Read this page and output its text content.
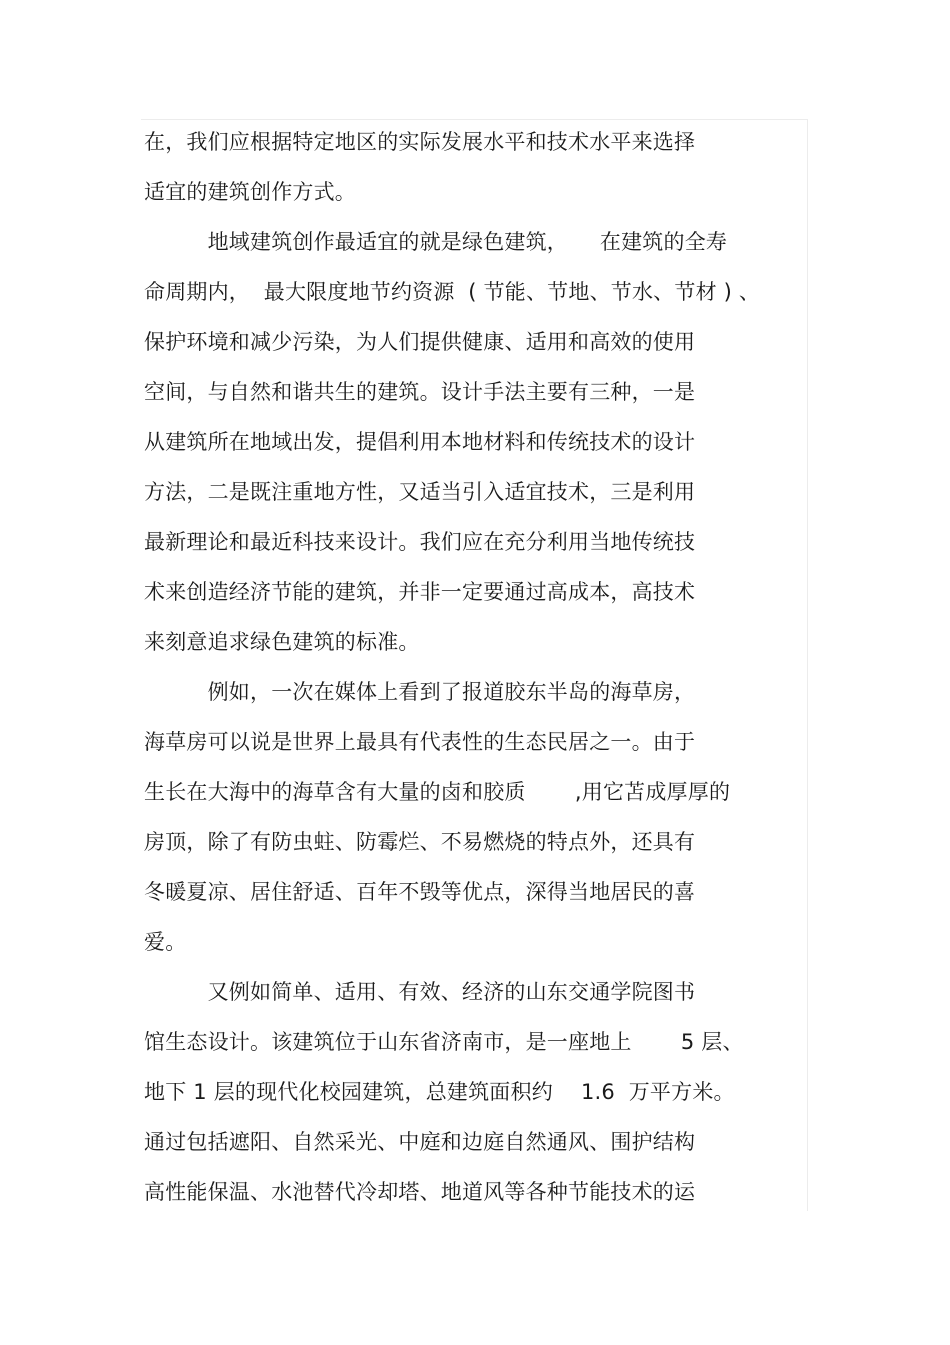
在，我们应根据特定地区的实际发展水平和技术水平来选择
适宜的建筑创作方式。
　　　地域建筑创作最适宜的就是绿色建筑，　　在建筑的全寿
命周期内，  最大限度地节约资源  ( 节能、节地、节水、节材 ) 、
保护环境和减少污染，为人们提供健康、适用和高效的使用
空间，与自然和谐共生的建筑。设计手法主要有三种，一是
从建筑所在地域出发，提倡利用本地材料和传统技术的设计
方法，二是既注重地方性，又适当引入适宜技术，三是利用
最新理论和最近科技来设计。我们应在充分利用当地传统技
术来创造经济节能的建筑，并非一定要通过高成本，高技术
来刻意追求绿色建筑的标准。
　　　例如，一次在媒体上看到了报道胶东半岛的海草房，
海草房可以说是世界上最具有代表性的生态民居之一。由于
生长在大海中的海草含有大量的卤和胶质　　 ,用它苫成厚厚的
房顶，除了有防虫蛀、防霉烂、不易燃烧的特点外，还具有
冬暖夏凉、居住舒适、百年不毁等优点，深得当地居民的喜
爱。
　　　又例如简单、适用、有效、经济的山东交通学院图书
馆生态设计。该建筑位于山东省济南市，是一座地上　　 5 层、
地下 1 层的现代化校园建筑，总建筑面积约　 1.6  万平方米。
通过包括遮阳、自然采光、中庭和边庭自然通风、围护结构
高性能保温、水池替代冷却塔、地道风等各种节能技术的运
